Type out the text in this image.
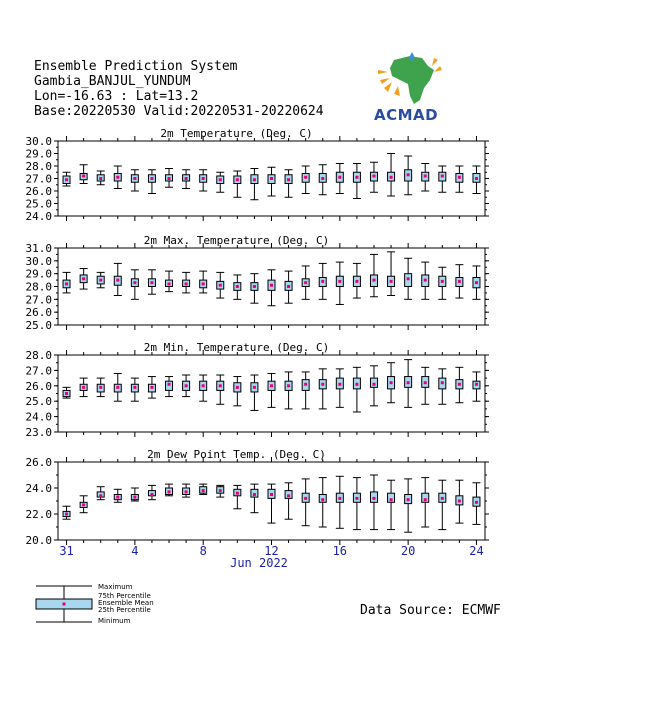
Ensemble Prediction System
Gambia_BANJUL_YUNDUM
Lon=-16.63 : Lat=13.2
Base:20220530 Valid:20220531-20220624	ACMAD
2m Temperature (Deg. C)
24.0
25.0
26.0
27.0
28.0
29.0
30.0
2m Max. Temperature (Deg. C)
25.0
26.0
27.0
28.0
29.0
30.0
31.0
2m Min. Temperature (Deg. C)
23.0
24.0
25.0
26.0
27.0
28.0
2m Dew Point Temp. (Deg. C)
20.0
22.0
24.0
26.0
31	4	8	12	16	20	24
Jun 2022
Maximum
75th Percentile
Ensemble Mean
25th Percentile
Minimum
Data Source: ECMWF
